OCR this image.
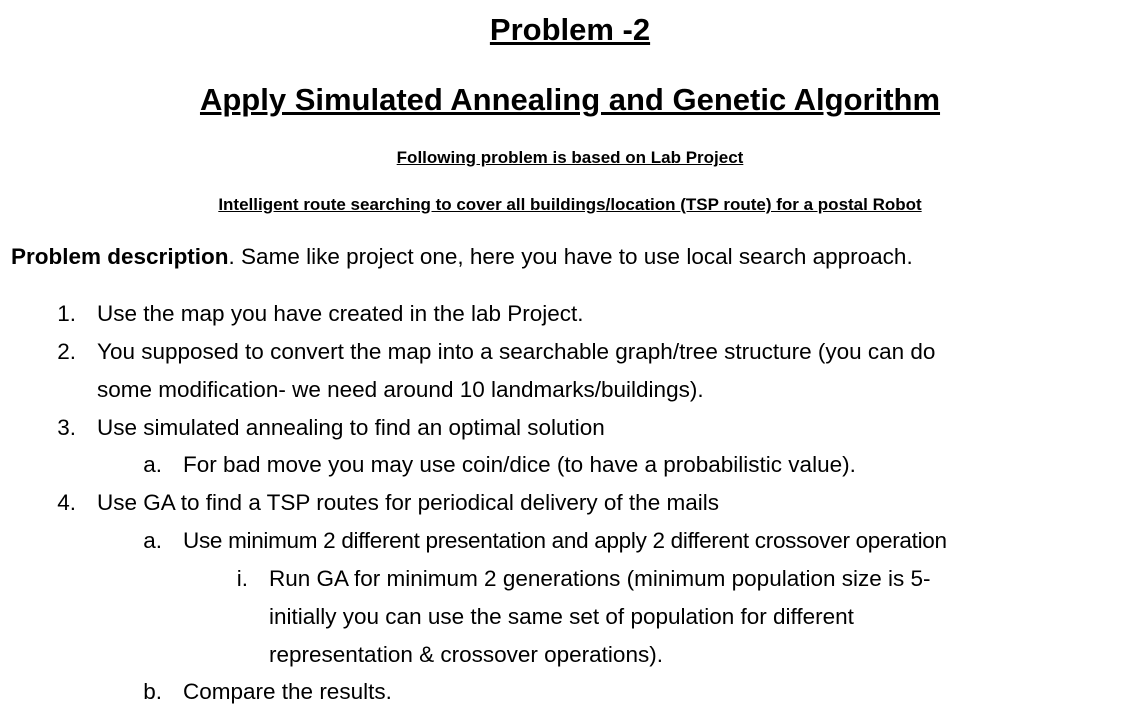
Problem -2
Apply Simulated Annealing and Genetic Algorithm
Following problem is based on Lab Project
Intelligent route searching to cover all buildings/location (TSP route) for a postal Robot
Problem description. Same like project one, here you have to use local search approach.
1. Use the map you have created in the lab Project.
2. You supposed to convert the map into a searchable graph/tree structure (you can do
some modification- we need around 10 landmarks/buildings).
3. Use simulated annealing to find an optimal solution
a. For bad move you may use coin/dice (to have a probabilistic value).
4. Use GA to find a TSP routes for periodical delivery of the mails
a. Use minimum 2 different presentation and apply 2 different crossover operation
i. Run GA for minimum 2 generations (minimum population size is 5-
initially you can use the same set of population for different
representation & crossover operations).
b. Compare the results.
